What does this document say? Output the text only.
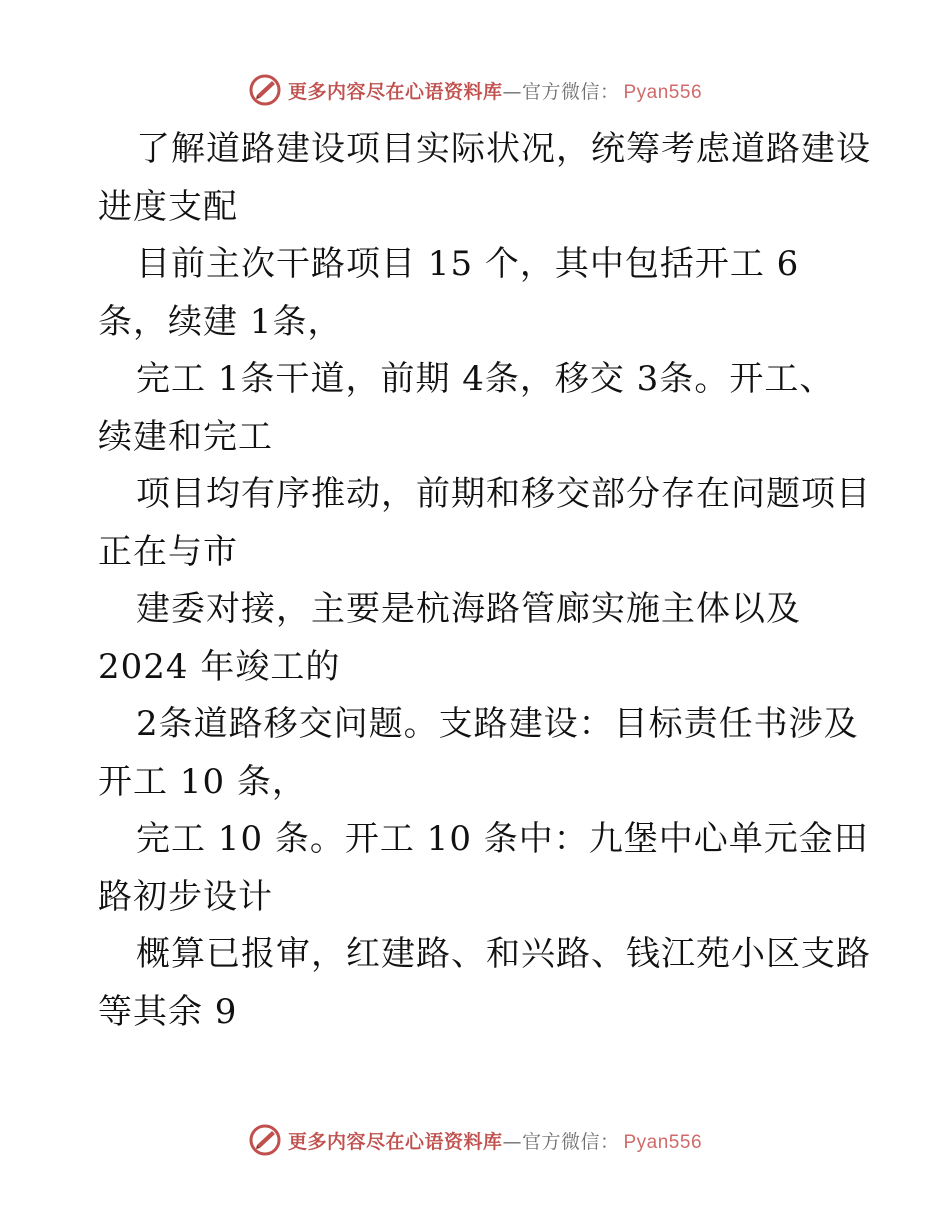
更多内容尽在心语资料库 — 官方微信： Pyan556
了解道路建设项目实际状况，统筹考虑道路建设
进度支配
目前主次干路项目 15 个，其中包括开工 6
条，续建 1条，
完工 1条干道，前期 4条，移交 3条。开工、
续建和完工
项目均有序推动，前期和移交部分存在问题项目
正在与市
建委对接，主要是杭海路管廊实施主体以及
2024 年竣工的
2条道路移交问题。支路建设：目标责任书涉及
开工 10 条，
完工 10 条。开工 10 条中：九堡中心单元金田
路初步设计
概算已报审，红建路、和兴路、钱江苑小区支路
等其余 9
更多内容尽在心语资料库 — 官方微信： Pyan556
